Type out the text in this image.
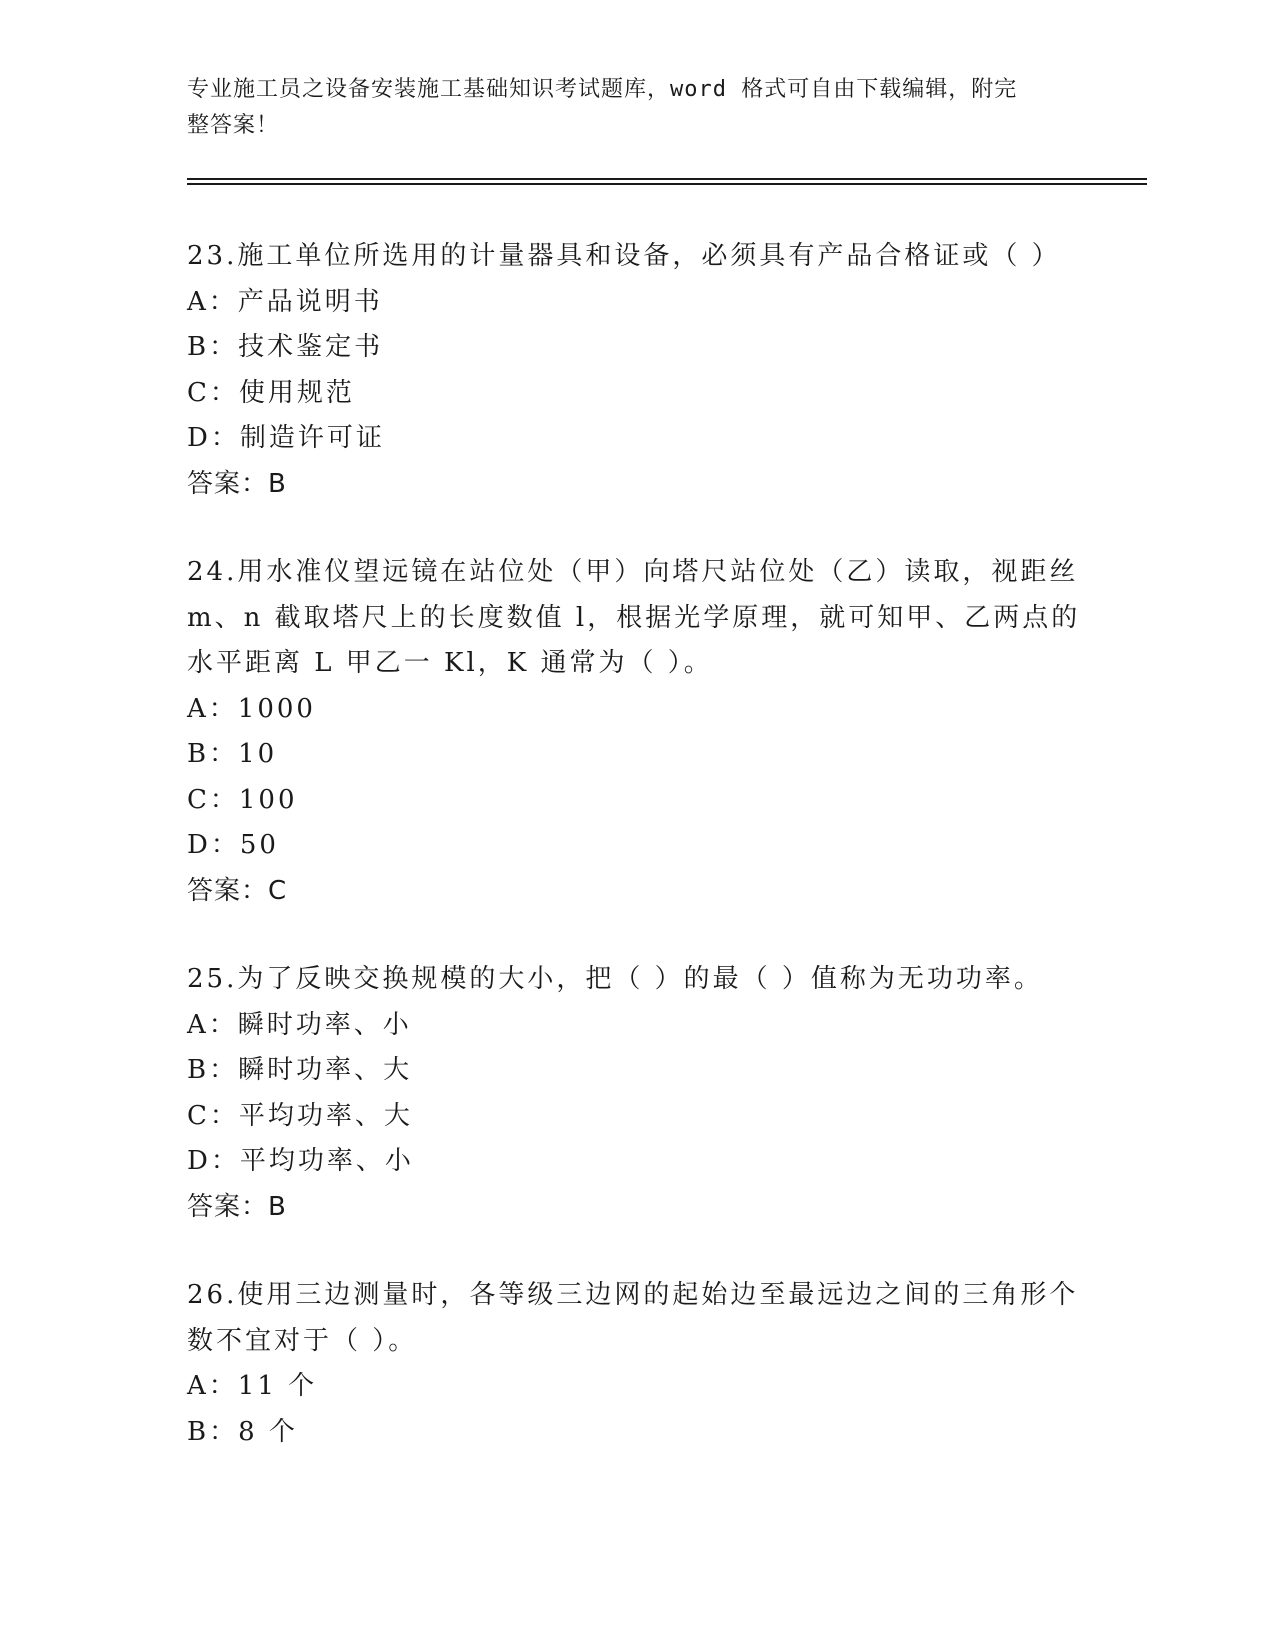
专业施工员之设备安装施工基础知识考试题库，word 格式可自由下载编辑，附完
整答案！
23.施工单位所选用的计量器具和设备，必须具有产品合格证或（ ）
A：产品说明书
B：技术鉴定书
C：使用规范
D：制造许可证
答案：B
24.用水准仪望远镜在站位处（甲）向塔尺站位处（乙）读取，视距丝
m、n 截取塔尺上的长度数值 l，根据光学原理，就可知甲、乙两点的
水平距离 L 甲乙一 Kl，K 通常为（ ）。
A：1000
B：10
C：100
D：50
答案：C
25.为了反映交换规模的大小，把（ ）的最（ ）值称为无功功率。
A：瞬时功率、小
B：瞬时功率、大
C：平均功率、大
D：平均功率、小
答案：B
26.使用三边测量时，各等级三边网的起始边至最远边之间的三角形个
数不宜对于（ ）。
A：11 个
B：8 个
